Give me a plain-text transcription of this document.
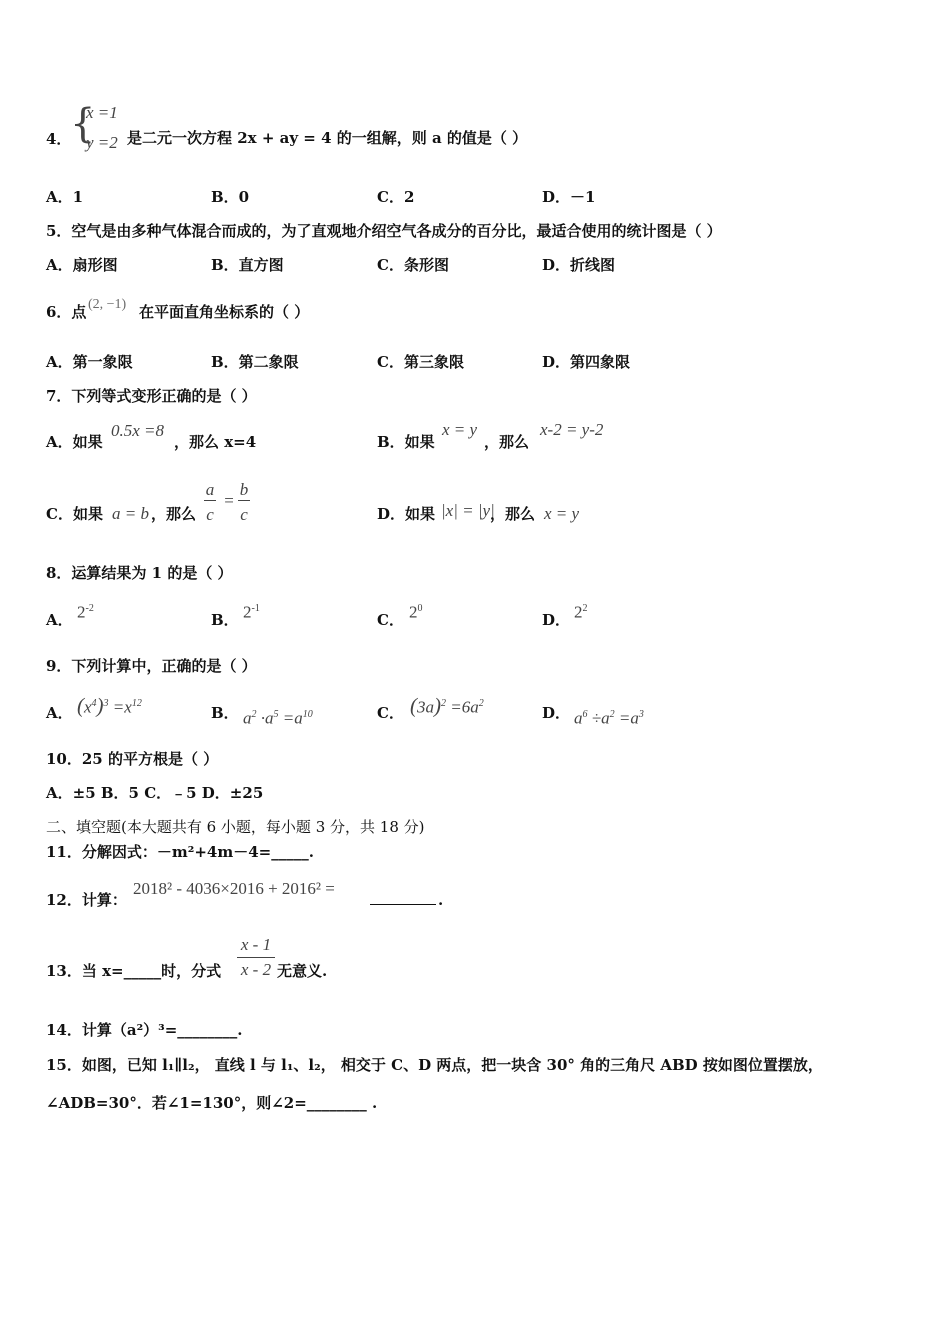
4．
{
x =1
y =2 是二元一次方程 2x + ay = 4 的一组解，则 a 的值是（ ）
A．1	B．0	C．2	D．－1
5．空气是由多种气体混合而成的，为了直观地介绍空气各成分的百分比，最适合使用的统计图是（ ）
A．扇形图	B．直方图	C．条形图	D．折线图
6．点 (2, −1) 在平面直角坐标系的（ ）
A．第一象限	B．第二象限	C．第三象限	D．第四象限
7．下列等式变形正确的是（ ）
A．如果
0.5x =8
，那么 x=4	B．如果
x = y
，那么
x-2 = y-2
C．如果 a = b ，那么
a
c
=
b
c	D．如果 |x| = |y|
，那么 x = y
8．运算结果为 1 的是（ ）
A． $2^{-2}$
B． $2^{-1}$
C． $2^0$
D． $2^2$
9．下列计算中，正确的是（ ）
A． $(x^4)^3 =x^{12}$
B． $a^2 \cdot a^5 =a^{10}$	C． $(3a)^2 =6a^2$
D． $a^6 \div a^2 =a^3$
10．25 的平方根是（ ）
A．±5 B．5 C．﹣5 D．±25
二、填空题(本大题共有 6 小题，每小题 3 分，共 18 分)
11．分解因式：－m²+4m－4=_____.
12．计算：
2018² - 4036×2016 + 2016² =
.
13．当 x=_____时，分式
x - 1
x - 2 无意义.
14．计算（a²）³=________.
15．如图，已知 l₁∥l₂， 直线 l 与 l₁、l₂， 相交于 C、D 两点，把一块含 30° 角的三角尺 ABD 按如图位置摆放，
∠ADB=30°．若∠1=130°，则∠2=________ .
